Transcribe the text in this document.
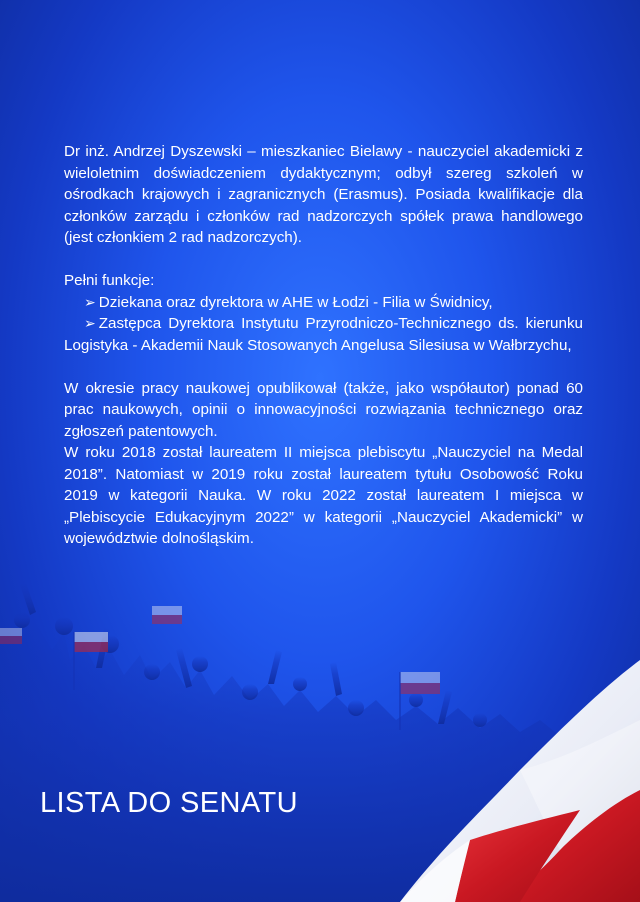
Dr inż. Andrzej Dyszewski – mieszkaniec Bielawy - nauczyciel akademicki z wieloletnim doświadczeniem dydaktycznym; odbył szereg szkoleń w ośrodkach krajowych i zagranicznych (Erasmus). Posiada kwalifikacje dla członków zarządu i członków rad nadzorczych spółek prawa handlowego (jest członkiem 2 rad nadzorczych).

Pełni funkcje:

➢ Dziekana oraz dyrektora w AHE w Łodzi - Filia w Świdnicy,
➢ Zastępca Dyrektora Instytutu Przyrodniczo-Technicznego ds. kierunku Logistyka - Akademii Nauk Stosowanych Angelusa Silesiusa w Wałbrzychu,

W okresie pracy naukowej opublikował (także, jako współautor) ponad 60 prac naukowych, opinii o innowacyjności rozwiązania technicznego oraz zgłoszeń patentowych.

W roku 2018 został laureatem II miejsca plebiscytu „Nauczyciel na Medal 2018”. Natomiast w 2019 roku został laureatem tytułu Osobowość Roku 2019 w kategorii Nauka. W roku 2022 został laureatem I miejsca w „Plebiscycie Edukacyjnym 2022” w kategorii „Nauczyciel Akademicki” w województwie dolnośląskim.

LISTA DO SENATU
